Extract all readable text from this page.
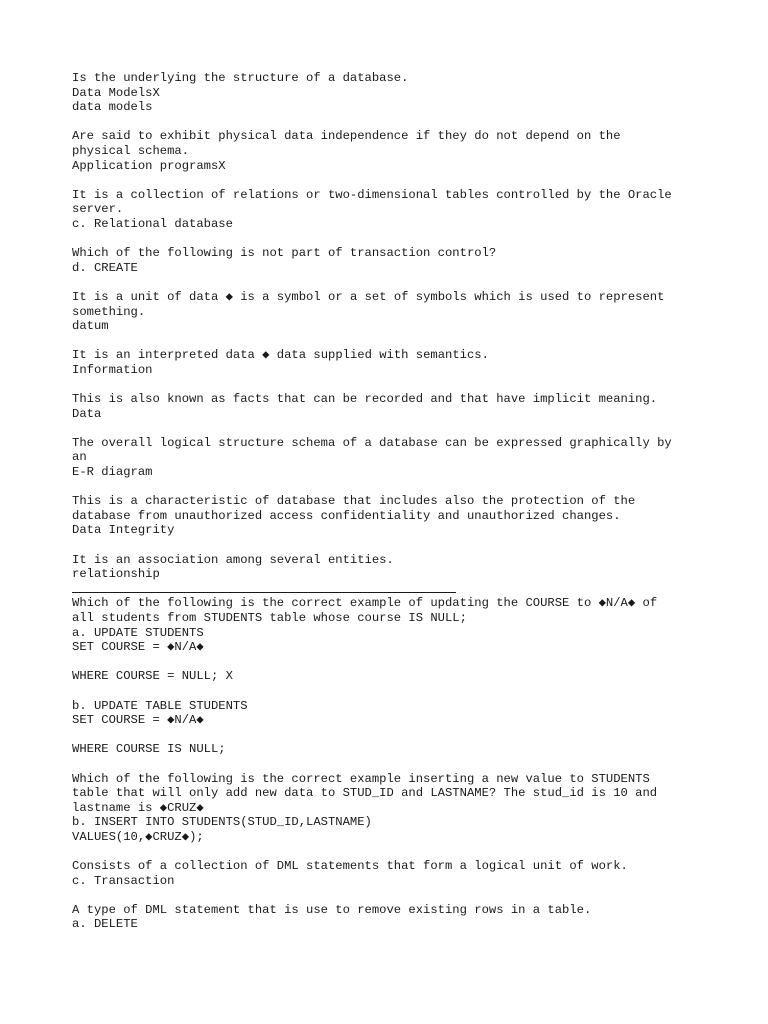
Is the underlying the structure of a database.
Data ModelsX
data models
Are said to exhibit physical data independence if they do not depend on the
physical schema.
Application programsX
It is a collection of relations or two-dimensional tables controlled by the Oracle
server.
c. Relational database
Which of the following is not part of transaction control?
d. CREATE
It is a unit of data ◆ is a symbol or a set of symbols which is used to represent
something.
datum
It is an interpreted data ◆ data supplied with semantics.
Information
This is also known as facts that can be recorded and that have implicit meaning.
Data
The overall logical structure schema of a database can be expressed graphically by
an
E-R diagram
This is a characteristic of database that includes also the protection of the
database from unauthorized access confidentiality and unauthorized changes.
Data Integrity
It is an association among several entities.
relationship
Which of the following is the correct example of updating the COURSE to ◆N/A◆ of
all students from STUDENTS table whose course IS NULL;
a. UPDATE STUDENTS
SET COURSE = ◆N/A◆
WHERE COURSE = NULL; X
b. UPDATE TABLE STUDENTS
SET COURSE = ◆N/A◆
WHERE COURSE IS NULL;
Which of the following is the correct example inserting a new value to STUDENTS
table that will only add new data to STUD_ID and LASTNAME? The stud_id is 10 and
lastname is ◆CRUZ◆
b. INSERT INTO STUDENTS(STUD_ID,LASTNAME)
VALUES(10,◆CRUZ◆);
Consists of a collection of DML statements that form a logical unit of work.
c. Transaction
A type of DML statement that is use to remove existing rows in a table.
a. DELETE
